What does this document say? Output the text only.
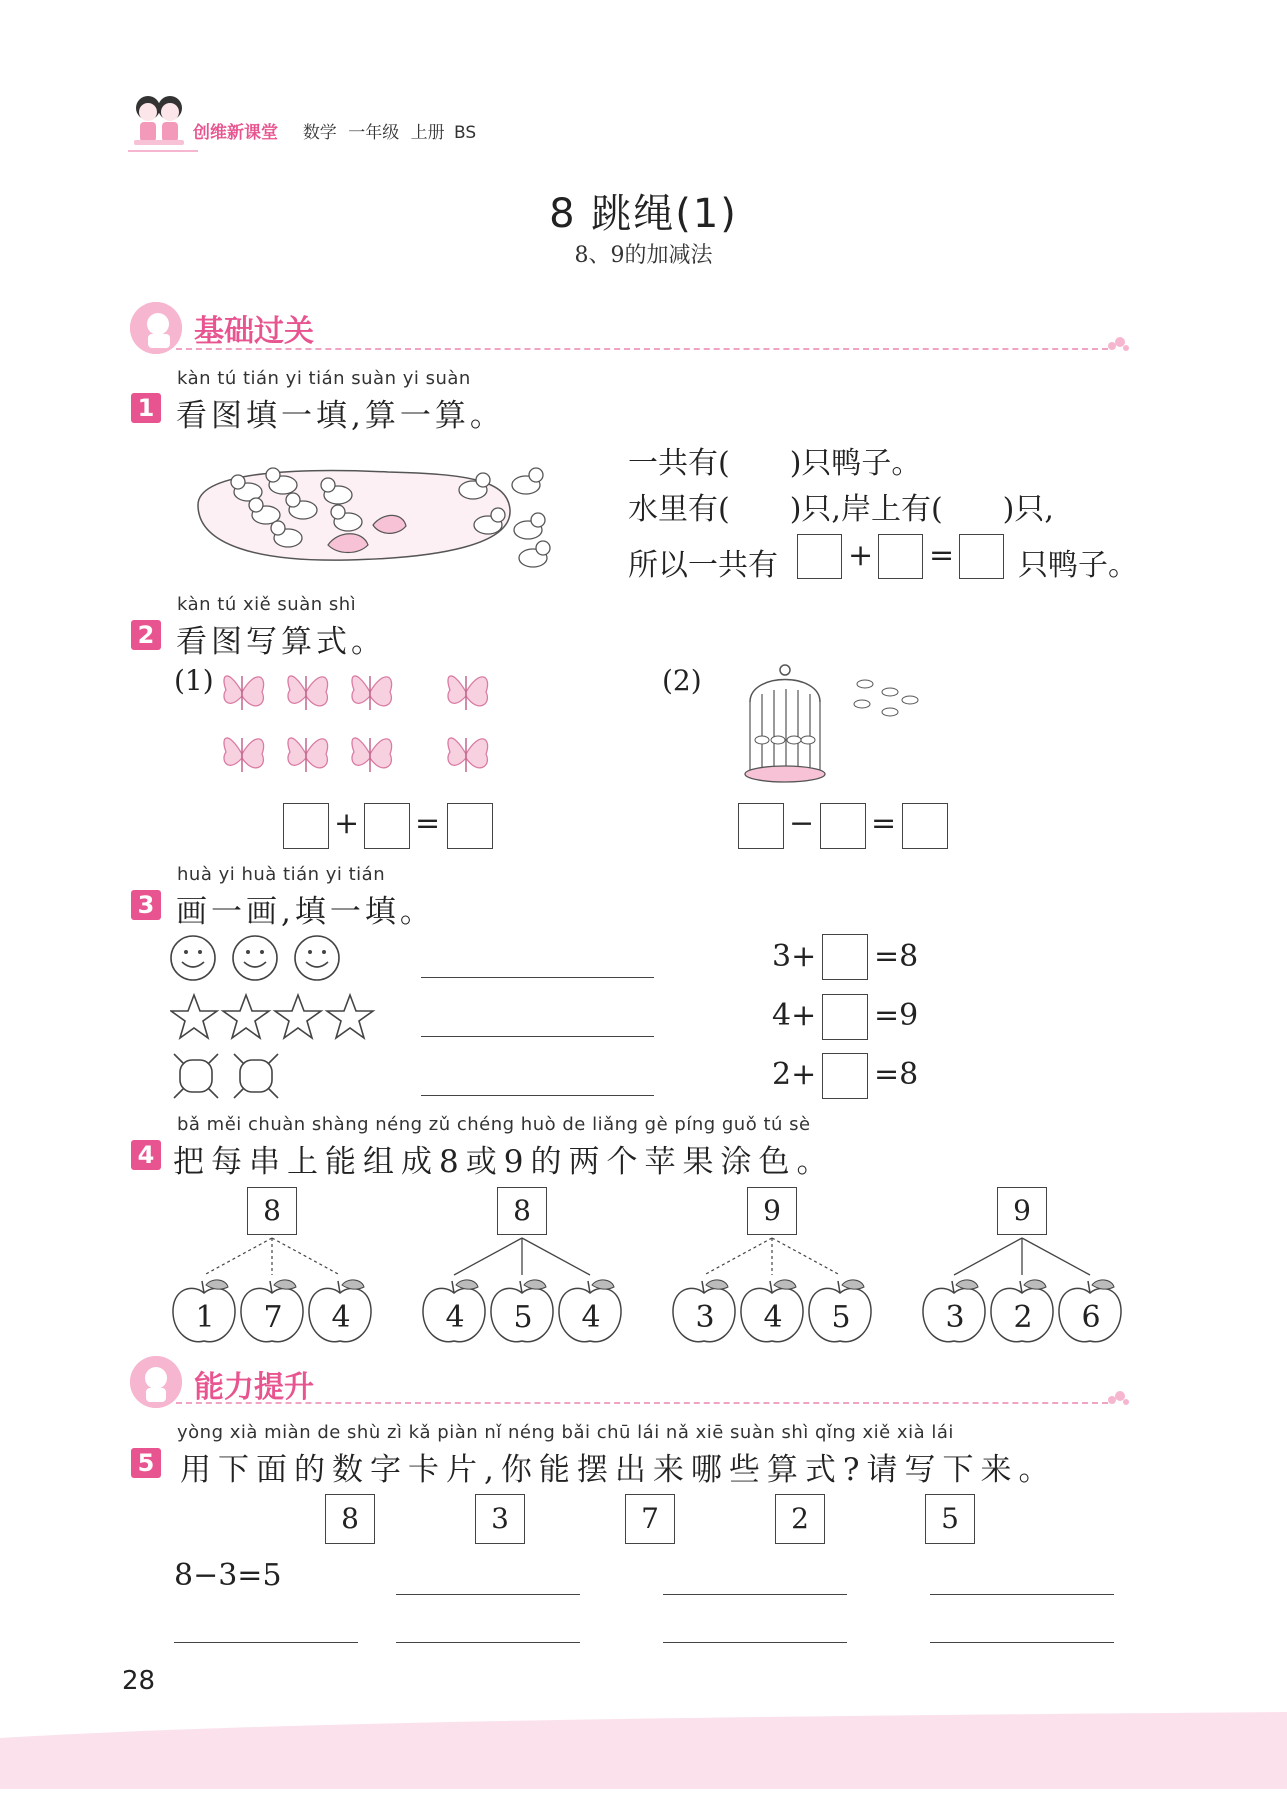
创维新课堂 数学 一年级 上册 BS
8 跳绳(1)
8、9的加减法
基础过关
kàn tú tián yi tián suàn yi suàn
1 看图填一填,算一算。
一共有(　　)只鸭子。
水里有(　　)只,岸上有(　　)只,
所以一共有 + = 只鸭子。
kàn tú xiě suàn shì
2 看图写算式。
(1)
+ =
(2)
− =
huà yi huà tián yi tián
3 画一画,填一填。
3+ =8
4+ =9
2+ =8
bǎ měi chuàn shàng néng zǔ chéng huò de liǎng gè píng guǒ tú sè
4 把每串上能组成8或9的两个苹果涂色。
8	8	9	9
1 7 4	4 5 4	3 4 5	3 2 6
能力提升
yòng xià miàn de shù zì kǎ piàn nǐ néng bǎi chū lái nǎ xiē suàn shì qǐng xiě xià lái
5 用下面的数字卡片,你能摆出来哪些算式?请写下来。
8	3	7	2	5
8−3=5
28
